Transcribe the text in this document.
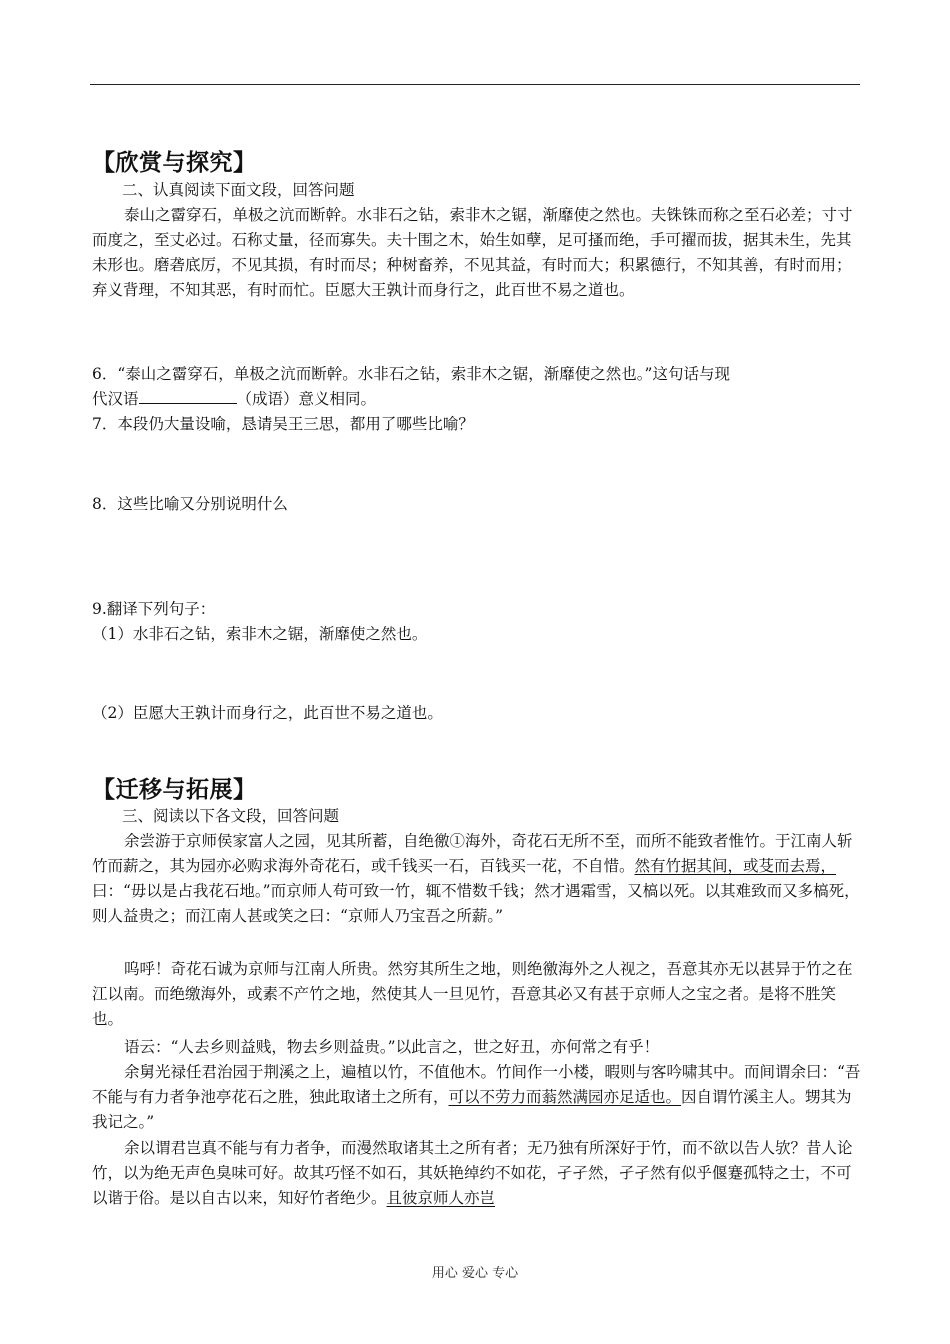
【欣赏与探究】
二、认真阅读下面文段，回答问题
泰山之霤穿石，单极之沆而断幹。水非石之钻，索非木之锯，渐靡使之然也。夫铢铢而称之至石必差；寸寸而度之，至丈必过。石称丈量，径而寡失。夫十围之木，始生如孽，足可搔而绝，手可擢而拔，据其未生，先其未形也。磨砻底厉，不见其损，有时而尽；种树畜养，不见其益，有时而大；积累德行，不知其善，有时而用；弃义背理，不知其恶，有时而忙。臣愿大王孰计而身行之，此百世不易之道也。
6．“泰山之霤穿石，单极之沆而断幹。水非石之钻，索非木之锯，渐靡使之然也。”这句话与现
代汉语	（成语）意义相同。
7．本段仍大量设喻，恳请吴王三思，都用了哪些比喻？
8．这些比喻又分别说明什么
9.翻译下列句子：
（1）水非石之钻，索非木之锯，渐靡使之然也。
（2）臣愿大王孰计而身行之，此百世不易之道也。
【迁移与拓展】
三、阅读以下各文段，回答问题
余尝游于京师侯家富人之园，见其所蓄，自绝徼①海外，奇花石无所不至，而所不能致者惟竹。于江南人斩竹而薪之，其为园亦必购求海外奇花石，或千钱买一石，百钱买一花，不自惜。然有竹据其间，或芟而去焉，曰：“毋以是占我花石地。”而京师人苟可致一竹，辄不惜数千钱；然才遇霜雪，又槁以死。以其难致而又多槁死，则人益贵之；而江南人甚或笑之曰：“京师人乃宝吾之所薪。”
呜呼！奇花石诚为京师与江南人所贵。然穷其所生之地，则绝徼海外之人视之，吾意其亦无以甚异于竹之在江以南。而绝缴海外，或素不产竹之地，然使其人一旦见竹，吾意其必又有甚于京师人之宝之者。是将不胜笑也。
语云：“人去乡则益贱，物去乡则益贵。”以此言之，世之好丑，亦何常之有乎！
余舅光禄任君治园于荆溪之上，遍植以竹，不值他木。竹间作一小楼，暇则与客吟啸其中。而间谓余曰：“吾不能与有力者争池亭花石之胜，独此取诸土之所有，可以不劳力而蓊然满园亦足适也。因自谓竹溪主人。甥其为我记之。”
余以谓君岂真不能与有力者争，而漫然取诸其土之所有者；无乃独有所深好于竹，而不欲以告人欤？昔人论竹，以为绝无声色臭味可好。故其巧怪不如石，其妖艳绰约不如花，孑孑然，孑孑然有似乎偃蹇孤特之士，不可以谐于俗。是以自古以来，知好竹者绝少。且彼京师人亦岂
用心 爱心 专心
